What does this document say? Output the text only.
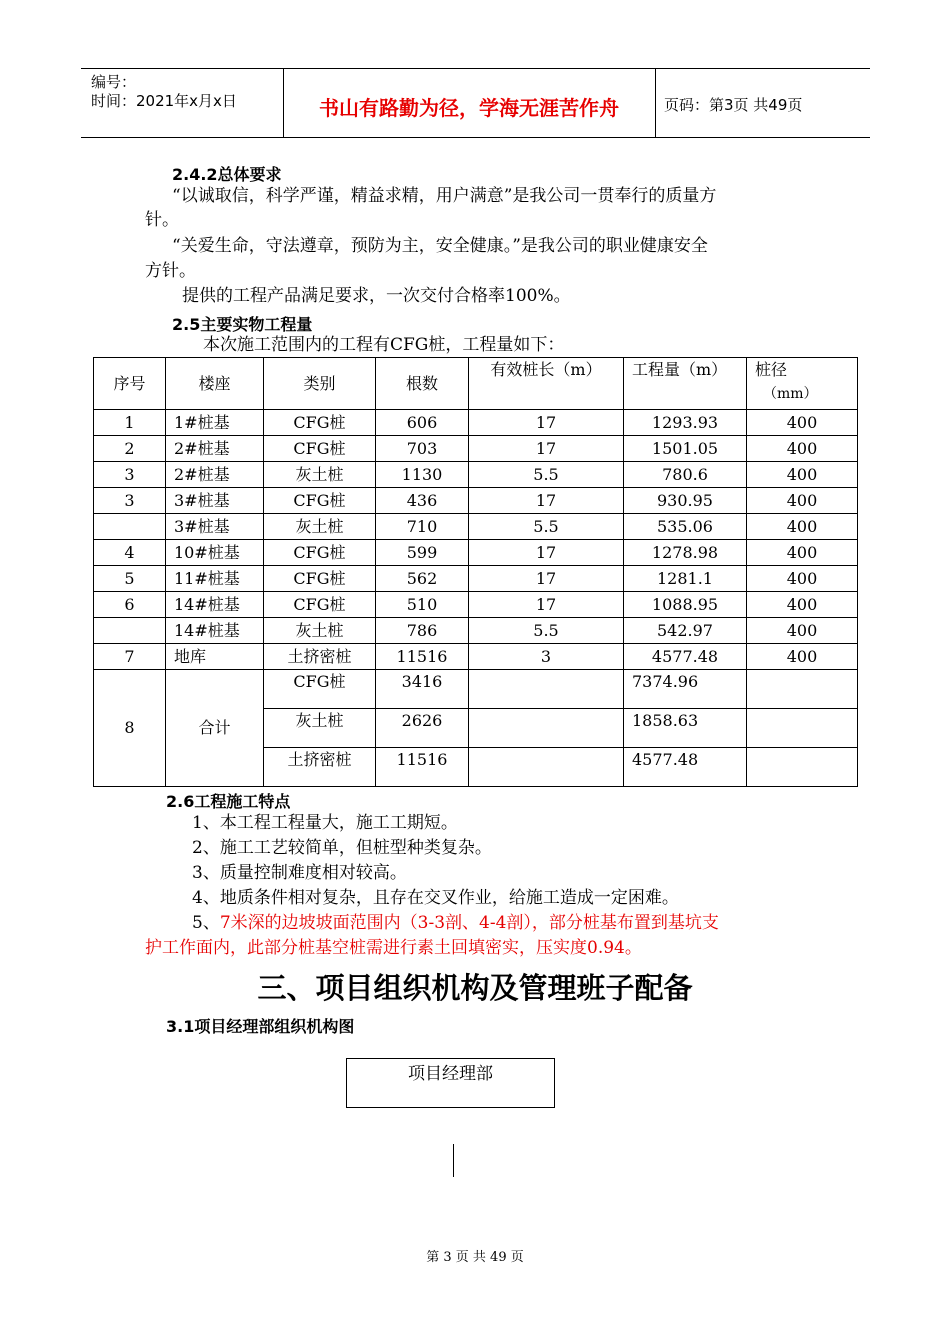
编号：
时间：2021年x月x日	书山有路勤为径，学海无涯苦作舟	页码：第3页 共49页
2.4.2总体要求
“以诚取信，科学严谨，精益求精，用户满意”是我公司一贯奉行的质量方
针。
“关爱生命，守法遵章，预防为主，安全健康。”是我公司的职业健康安全
方针。
提供的工程产品满足要求，一次交付合格率100%。
2.5主要实物工程量
本次施工范围内的工程有CFG桩，工程量如下：
序号	楼座	类别	根数	有效桩长（m）	工程量（m）	桩径
（mm）

1	1#桩基	CFG桩	606	17	1293.93	400
2	2#桩基	CFG桩	703	17	1501.05	400
3	2#桩基	灰土桩	1130	5.5	780.6	400
3	3#桩基	CFG桩	436	17	930.95	400
	3#桩基	灰土桩	710	5.5	535.06	400
4	10#桩基	CFG桩	599	17	1278.98	400
5	11#桩基	CFG桩	562	17	1281.1	400
6	14#桩基	CFG桩	510	17	1088.95	400
	14#桩基	灰土桩	786	5.5	542.97	400
7	地库	土挤密桩	11516	3	4577.48	400
8	合计	CFG桩	3416		7374.96	
		灰土桩	2626		1858.63	
		土挤密桩	11516		4577.48	
2.6工程施工特点
1、本工程工程量大，施工工期短。
2、施工工艺较简单，但桩型种类复杂。
3、质量控制难度相对较高。
4、地质条件相对复杂，且存在交叉作业，给施工造成一定困难。
5、7米深的边坡坡面范围内（3-3剖、4-4剖），部分桩基布置到基坑支
护工作面内，此部分桩基空桩需进行素土回填密实，压实度0.94。
三、项目组织机构及管理班子配备
3.1项目经理部组织机构图
项目经理部
第 3 页 共 49 页
